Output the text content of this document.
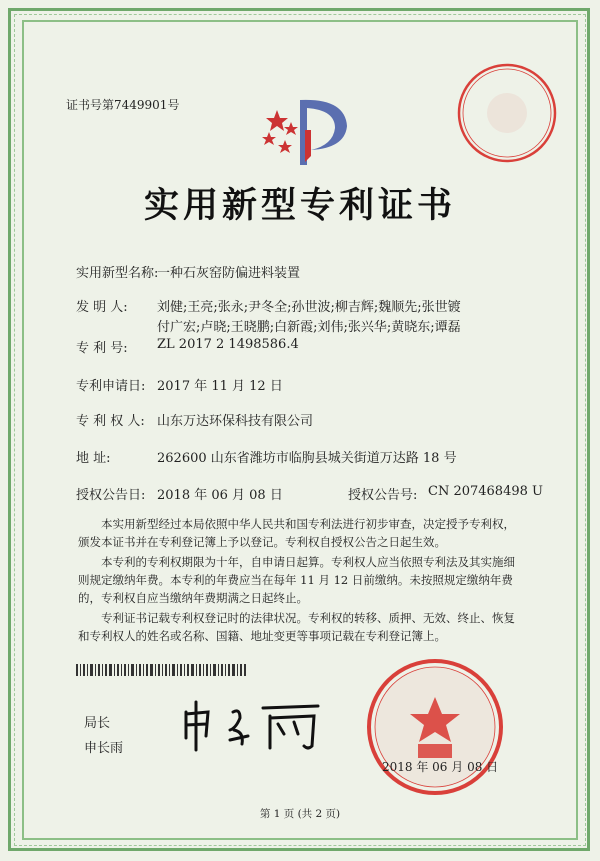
证书号第7449901号
实用新型专利证书
实用新型名称:
一种石灰窑防偏进料装置
发 明 人: 刘健;王亮;张永;尹冬全;孙世波;柳吉辉;魏顺先;张世镀
付广宏;卢晓;王晓鹏;白新霞;刘伟;张兴华;黄晓东;谭磊
专 利 号: ZL 2017 2 1498586.4
专利申请日: 2017 年 11 月 12 日
专 利 权 人: 山东万达环保科技有限公司
地 址:	262600 山东省潍坊市临朐县城关街道万达路 18 号
授权公告日: 2018 年 06 月 08 日	授权公告号: CN 207468498 U
本实用新型经过本局依照中华人民共和国专利法进行初步审查，决定授予专利权，颁发本证书并在专利登记簿上予以登记。专利权自授权公告之日起生效。
本专利的专利权期限为十年，自申请日起算。专利权人应当依照专利法及其实施细则规定缴纳年费。本专利的年费应当在每年 11 月 12 日前缴纳。未按照规定缴纳年费的，专利权自应当缴纳年费期满之日起终止。
专利证书记载专利权登记时的法律状况。专利权的转移、质押、无效、终止、恢复和专利权人的姓名或名称、国籍、地址变更等事项记载在专利登记簿上。
局长
申长雨
2018 年 06 月 08 日
第 1 页 (共 2 页)
